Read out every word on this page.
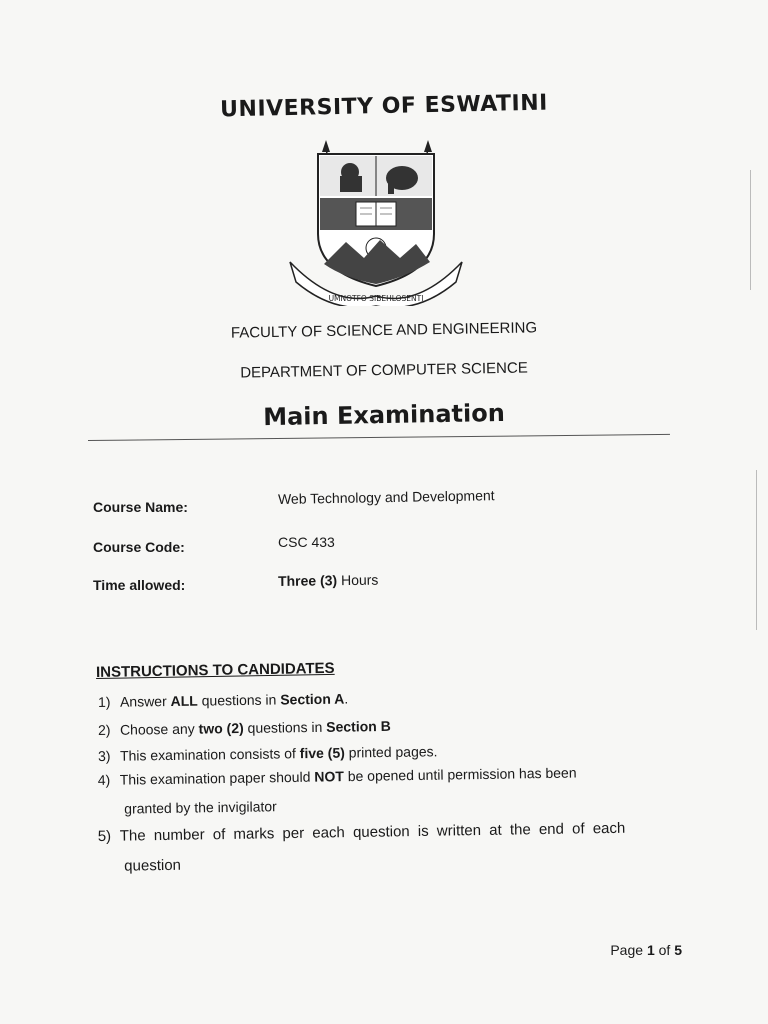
UNIVERSITY OF ESWATINI
UMNOTFO SIBEHLOSENTI
FACULTY OF SCIENCE AND ENGINEERING
DEPARTMENT OF COMPUTER SCIENCE
Main Examination
Course Name:
Web Technology and Development
Course Code:	CSC 433
Time allowed:	Three (3) Hours
INSTRUCTIONS TO CANDIDATES
1) Answer ALL questions in Section A.
2) Choose any two (2) questions in Section B
3) This examination consists of five (5) printed pages.
4) This examination paper should NOT be opened until permission has been
granted by the invigilator
5) The number of marks per each question is written at the end of each
question
Page 1 of 5
